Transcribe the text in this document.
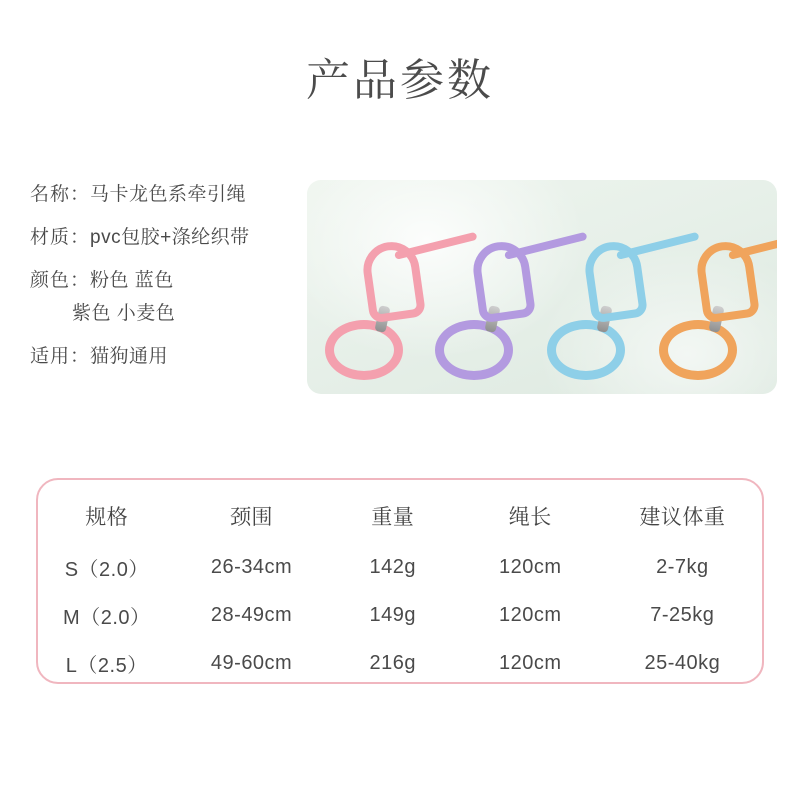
产品参数
名称： 马卡龙色系牵引绳
材质： pvc包胶+涤纶织带
颜色： 粉色 蓝色
紫色 小麦色
适用： 猫狗通用
规格	颈围	重量	绳长	建议体重
S（2.0）	26-34cm	142g	120cm	2-7kg
M（2.0）	28-49cm	149g	120cm	7-25kg
L（2.5）	49-60cm	216g	120cm	25-40kg
